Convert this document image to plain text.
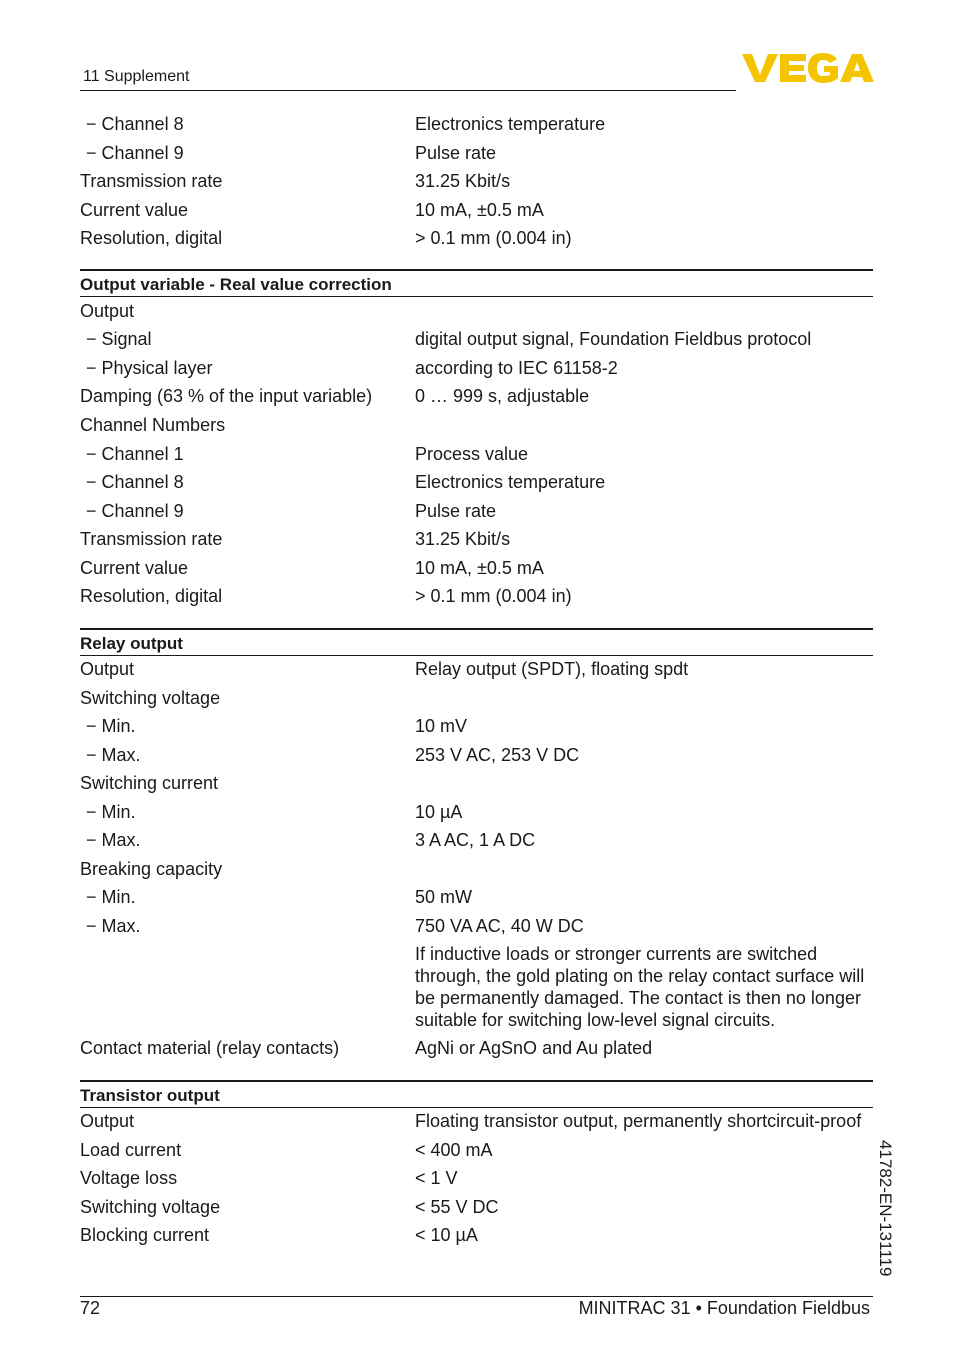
11 Supplement
− Channel 8	Electronics temperature
− Channel 9	Pulse rate
Transmission rate	31.25 Kbit/s
Current value	10 mA, ±0.5 mA
Resolution, digital	> 0.1 mm (0.004 in)
Output variable - Real value correction
Output
− Signal	digital output signal, Foundation Fieldbus protocol
− Physical layer	according to IEC 61158-2
Damping (63 % of the input variable) 0 … 999 s, adjustable
Channel Numbers
− Channel 1	Process value
− Channel 8	Electronics temperature
− Channel 9	Pulse rate
Transmission rate	31.25 Kbit/s
Current value	10 mA, ±0.5 mA
Resolution, digital	> 0.1 mm (0.004 in)
Relay output
Output	Relay output (SPDT), floating spdt
Switching voltage
− Min.	10 mV
− Max.	253 V AC, 253 V DC
Switching current
− Min.	10 µA
− Max.	3 A AC, 1 A DC
Breaking capacity
− Min.	50 mW
− Max.	750 VA AC, 40 W DC
If inductive loads or stronger currents are switched
through, the gold plating on the relay contact surface will
be permanently damaged. The contact is then no longer
suitable for switching low-level signal circuits.
Contact material (relay contacts)	AgNi or AgSnO and Au plated
Transistor output
Output	Floating transistor output, permanently shortcircuit-proof
Load current	< 400 mA
Voltage loss	< 1 V
Switching voltage	< 55 V DC
Blocking current	< 10 µA	41782-EN-131119
72	MINITRAC 31 • Foundation Fieldbus
